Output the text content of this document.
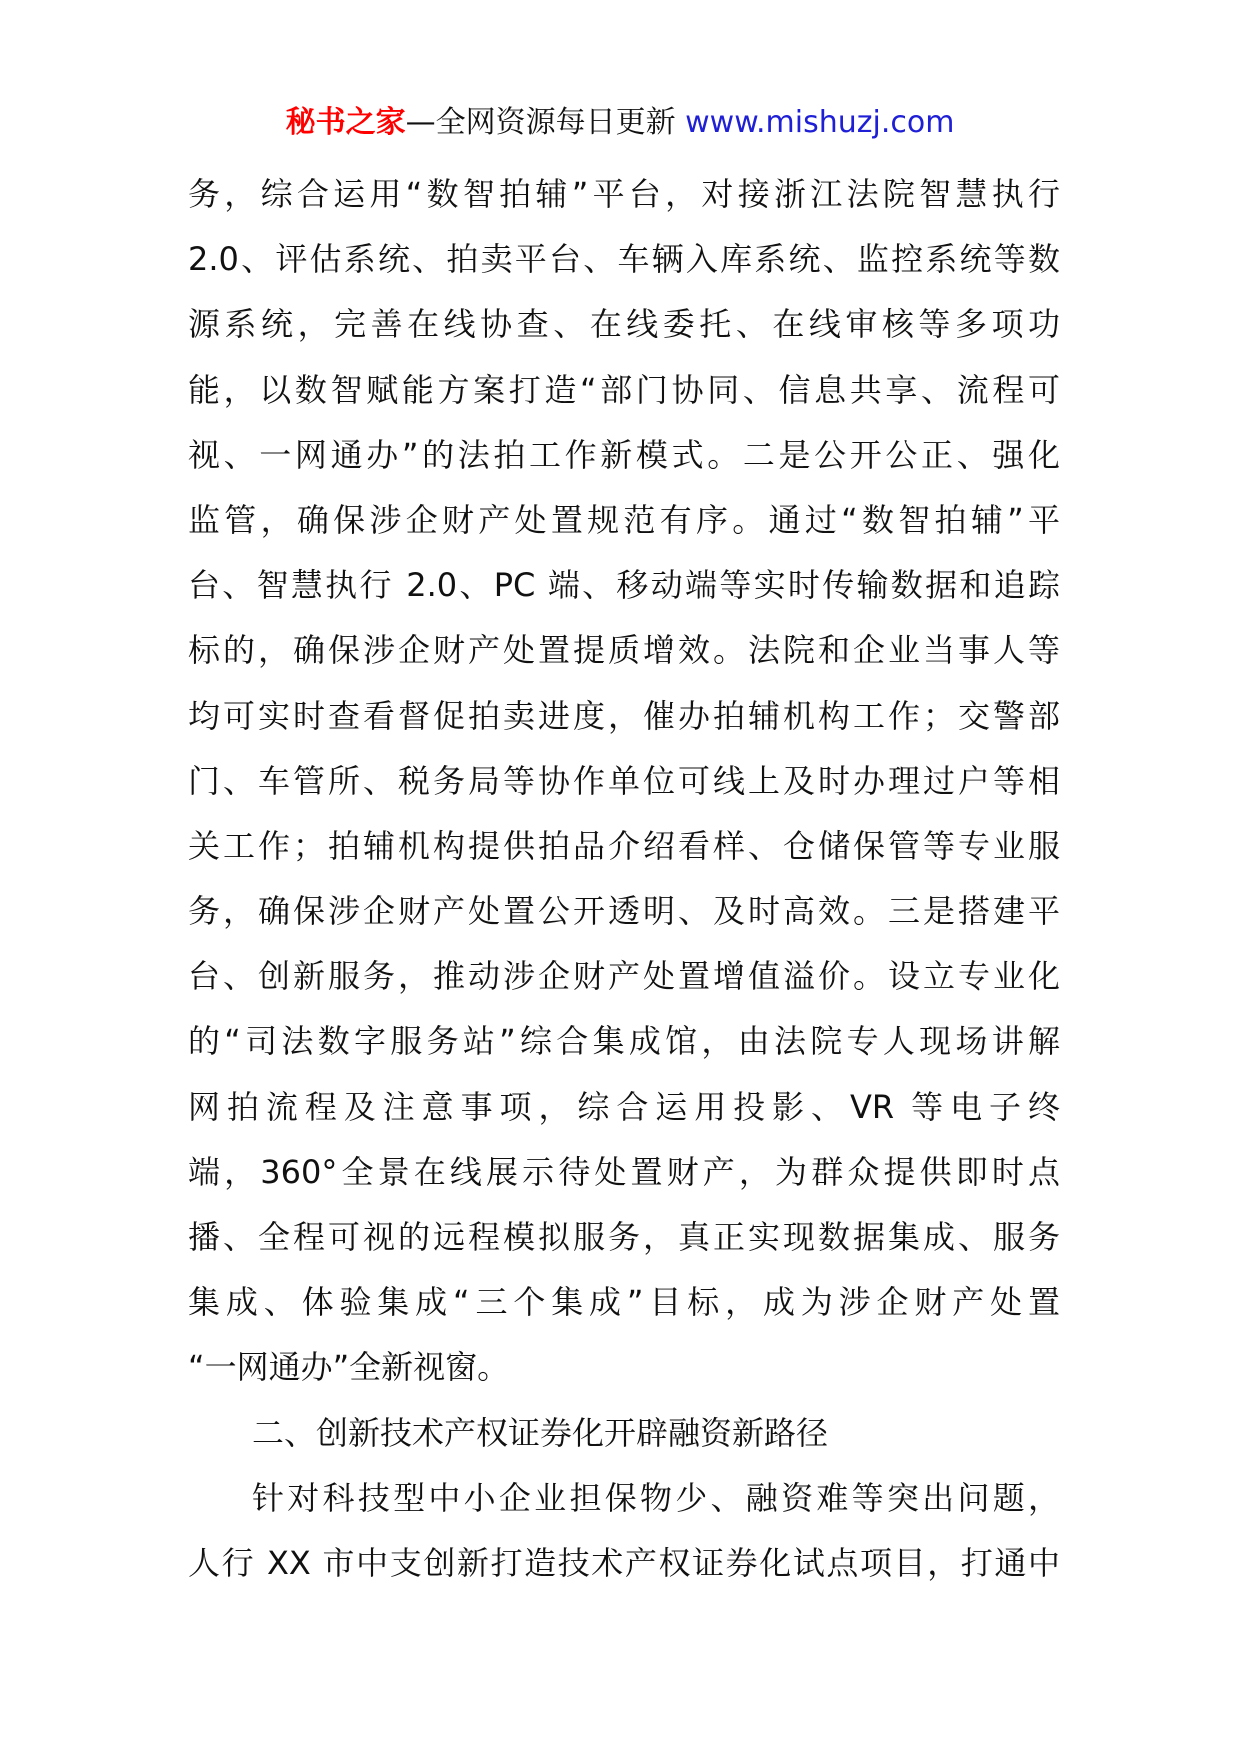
秘书之家—全网资源每日更新 www.mishuzj.com
务，综合运用“数智拍辅”平台，对接浙江法院智慧执行
2.0、评估系统、拍卖平台、车辆入库系统、监控系统等数
源系统，完善在线协查、在线委托、在线审核等多项功
能，以数智赋能方案打造“部门协同、信息共享、流程可
视、一网通办”的法拍工作新模式。二是公开公正、强化
监管，确保涉企财产处置规范有序。通过“数智拍辅”平
台、智慧执行 2.0、PC 端、移动端等实时传输数据和追踪
标的，确保涉企财产处置提质增效。法院和企业当事人等
均可实时查看督促拍卖进度，催办拍辅机构工作；交警部
门、车管所、税务局等协作单位可线上及时办理过户等相
关工作；拍辅机构提供拍品介绍看样、仓储保管等专业服
务，确保涉企财产处置公开透明、及时高效。三是搭建平
台、创新服务，推动涉企财产处置增值溢价。设立专业化
的“司法数字服务站”综合集成馆，由法院专人现场讲解
网拍流程及注意事项，综合运用投影、VR 等电子终
端，360°全景在线展示待处置财产，为群众提供即时点
播、全程可视的远程模拟服务，真正实现数据集成、服务
集成、体验集成“三个集成”目标，成为涉企财产处置
“一网通办”全新视窗。
二、创新技术产权证券化开辟融资新路径
针对科技型中小企业担保物少、融资难等突出问题，
人行 XX 市中支创新打造技术产权证券化试点项目，打通中
